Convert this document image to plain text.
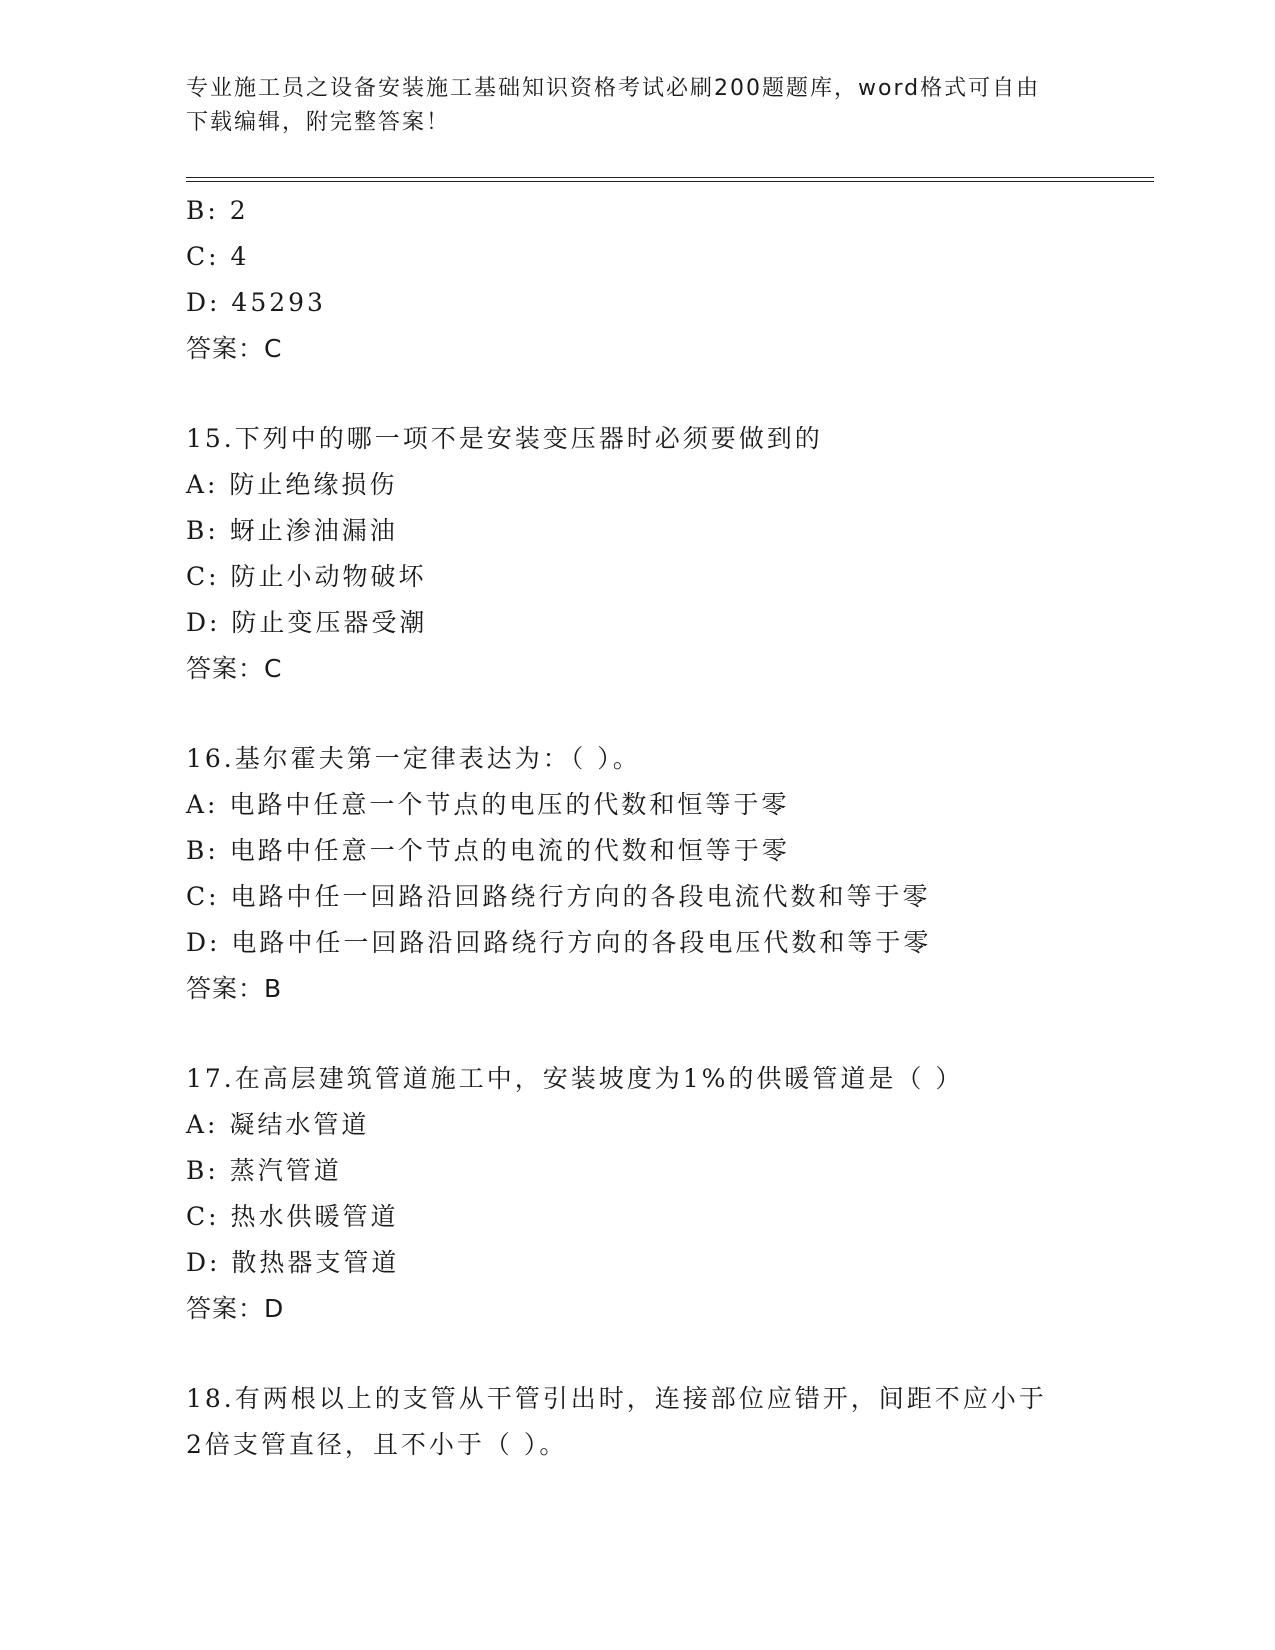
专业施工员之设备安装施工基础知识资格考试必刷200题题库，word格式可自由
下载编辑，附完整答案！
B: 2
C: 4
D: 45293
答案：C
15.下列中的哪一项不是安装变压器时必须要做到的
A: 防止绝缘损伤
B: 蚜止渗油漏油
C: 防止小动物破坏
D: 防止变压器受潮
答案：C
16.基尔霍夫第一定律表达为：（ ）。
A: 电路中任意一个节点的电压的代数和恒等于零
B: 电路中任意一个节点的电流的代数和恒等于零
C: 电路中任一回路沿回路绕行方向的各段电流代数和等于零
D: 电路中任一回路沿回路绕行方向的各段电压代数和等于零
答案：B
17.在高层建筑管道施工中，安装坡度为1%的供暖管道是（ ）
A: 凝结水管道
B: 蒸汽管道
C: 热水供暖管道
D: 散热器支管道
答案：D
18.有两根以上的支管从干管引出时，连接部位应错开，间距不应小于
2倍支管直径，且不小于（ ）。
